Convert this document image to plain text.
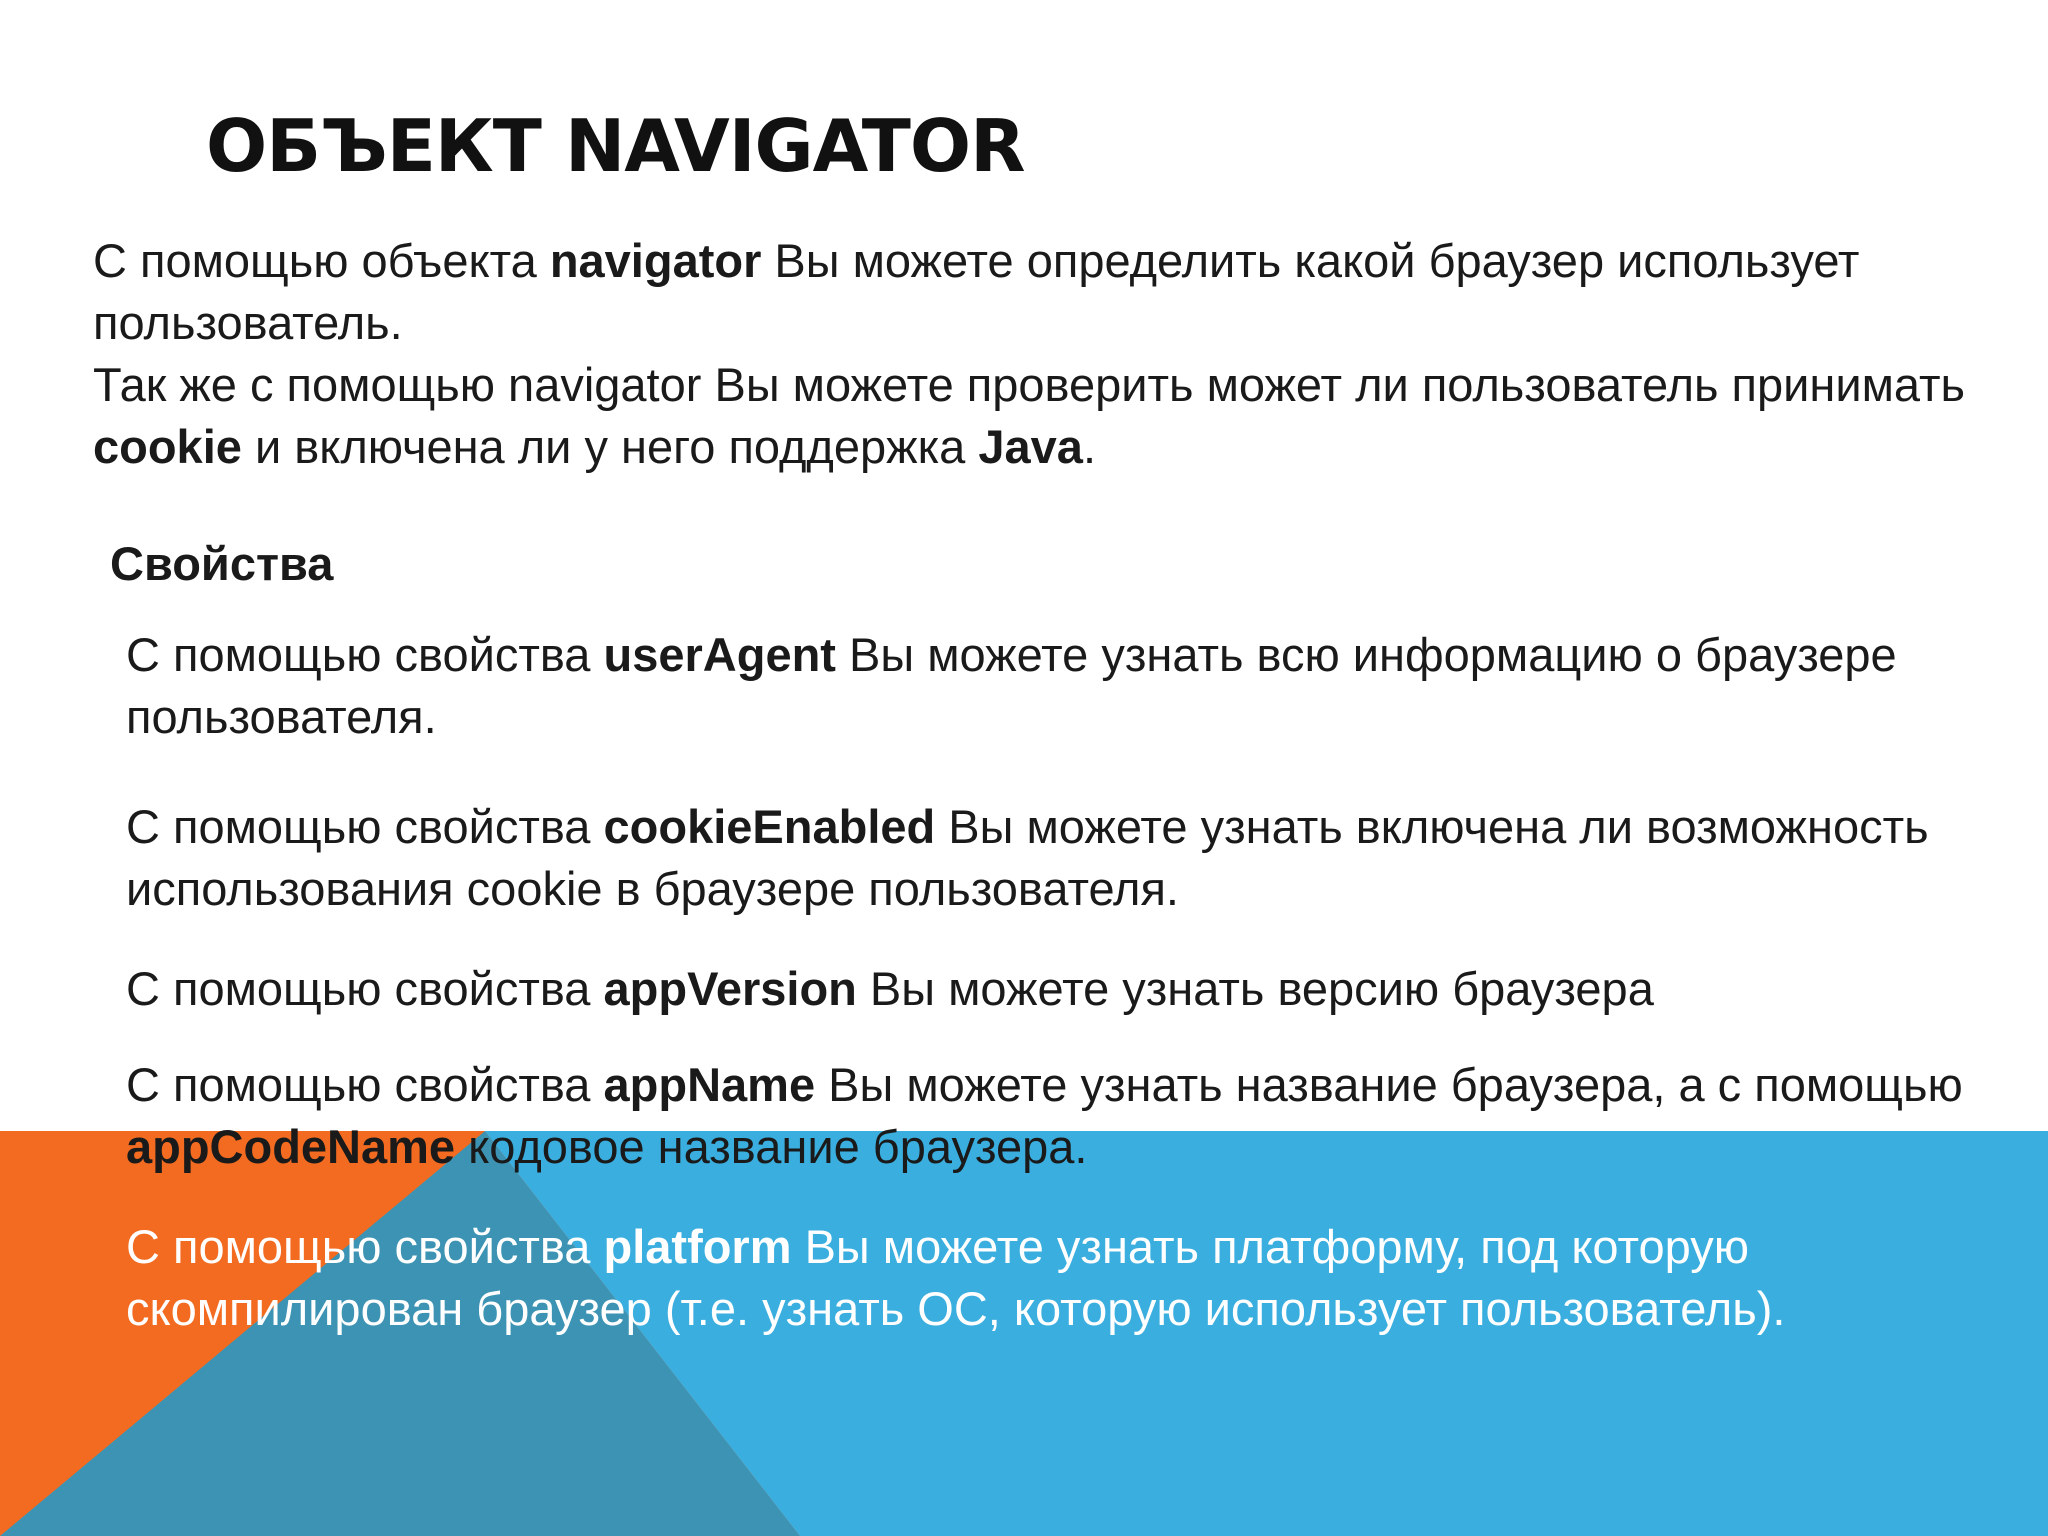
ОБЪЕКТ NAVIGATOR

С помощью объекта navigator Вы можете определить какой браузер использует пользователь.

Так же с помощью navigator Вы можете проверить может ли пользователь принимать cookie и включена ли у него поддержка Java.

Свойства

С помощью свойства userAgent Вы можете узнать всю информацию о браузере пользователя.

С помощью свойства cookieEnabled Вы можете узнать включена ли возможность использования cookie в браузере пользователя.

С помощью свойства appVersion Вы можете узнать версию браузера

С помощью свойства appName Вы можете узнать название браузера, а с помощью appCodeName кодовое название браузера.

С помощью свойства platform Вы можете узнать платформу, под которую скомпилирован браузер (т.е. узнать ОС, которую использует пользователь).
